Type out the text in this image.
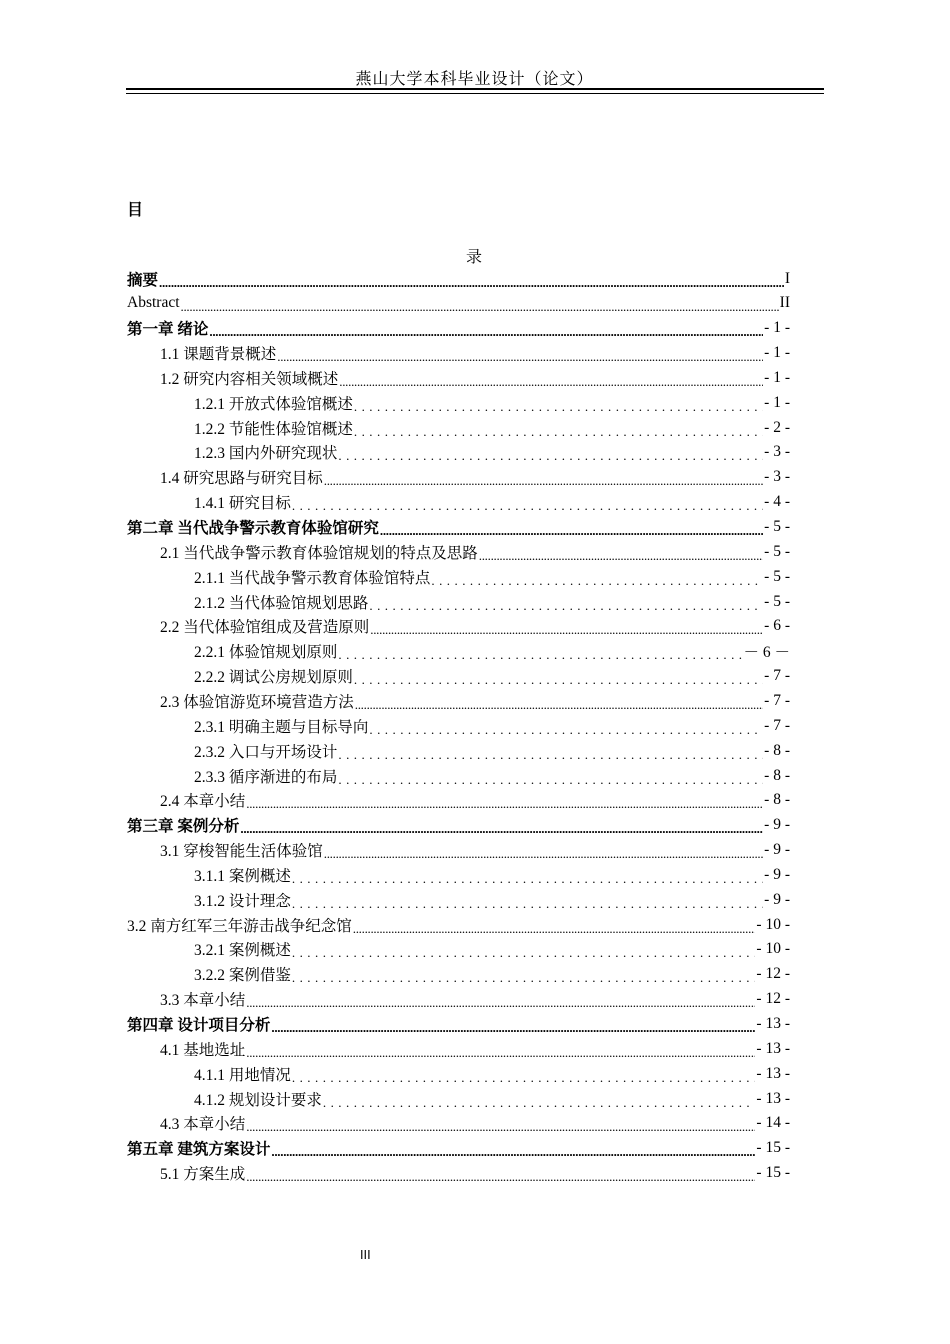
燕山大学本科毕业设计（论文）
目
录
摘要 .....	I
Abstract .....	II
第一章 绪论 .....	- 1 -
1.1 课题背景概述 .....	- 1 -
1.2 研究内容相关领域概述 .....	- 1 -
1.2.1 开放式体验馆概述 . . .	- 1 -
1.2.2 节能性体验馆概述 . . .	- 2 -
1.2.3 国内外研究现状 . . .	- 3 -
1.4 研究思路与研究目标 .....	- 3 -
1.4.1 研究目标 . . .	- 4 -
第二章 当代战争警示教育体验馆研究 .....	- 5 -
2.1 当代战争警示教育体验馆规划的特点及思路 .....	- 5 -
2.1.1 当代战争警示教育体验馆特点 . . .	- 5 -
2.1.2 当代体验馆规划思路 . . .	- 5 -
2.2 当代体验馆组成及营造原则 .....	- 6 -
2.2.1 体验馆规划原则 . . .	－ 6 －
2.2.2 调试公房规划原则 . . .	- 7 -
2.3 体验馆游览环境营造方法 .....	- 7 -
2.3.1 明确主题与目标导向 . . .	- 7 -
2.3.2 入口与开场设计 . . .	- 8 -
2.3.3 循序渐进的布局 . . .	- 8 -
2.4 本章小结 .....	- 8 -
第三章 案例分析 .....	- 9 -
3.1 穿梭智能生活体验馆 .....	- 9 -
3.1.1 案例概述 . . .	- 9 -
3.1.2 设计理念 . . .	- 9 -
3.2 南方红军三年游击战争纪念馆 .....	- 10 -
3.2.1 案例概述 . . .	- 10 -
3.2.2 案例借鉴 . . .	- 12 -
3.3 本章小结 .....	- 12 -
第四章 设计项目分析 .....	- 13 -
4.1 基地选址 .....	- 13 -
4.1.1 用地情况 . . .	- 13 -
4.1.2 规划设计要求 . . .	- 13 -
4.3 本章小结 .....	- 14 -
第五章 建筑方案设计 .....	- 15 -
5.1 方案生成 .....	- 15 -
III
